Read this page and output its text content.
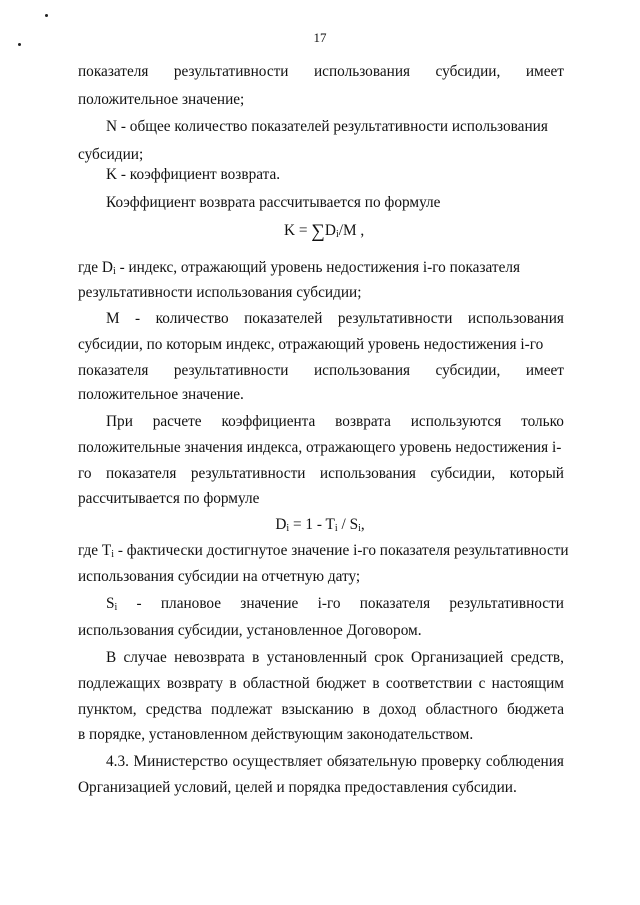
17
показателя результативности использования субсидии, имеет
положительное значение;
N - общее количество показателей результативности использования
субсидии;
K - коэффициент возврата.
Коэффициент возврата рассчитывается по формуле
$K = \sum D_i/M$ ,
где $D_i$ - индекс, отражающий уровень недостижения i-го показателя
результативности использования субсидии;
M - количество показателей результативности использования
субсидии, по которым индекс, отражающий уровень недостижения i-го
показателя результативности использования субсидии, имеет
положительное значение.
При расчете коэффициента возврата используются только
положительные значения индекса, отражающего уровень недостижения i-
го показателя результативности использования субсидии, который
рассчитывается по формуле
$D_i = 1 - T_i / S_i$,
где $T_i$ - фактически достигнутое значение i-го показателя результативности
использования субсидии на отчетную дату;
$S_i$ - плановое значение i-го показателя результативности
использования субсидии, установленное Договором.
В случае невозврата в установленный срок Организацией средств,
подлежащих возврату в областной бюджет в соответствии с настоящим
пунктом, средства подлежат взысканию в доход областного бюджета
в порядке, установленном действующим законодательством.
4.3. Министерство осуществляет обязательную проверку соблюдения
Организацией условий, целей и порядка предоставления субсидии.
